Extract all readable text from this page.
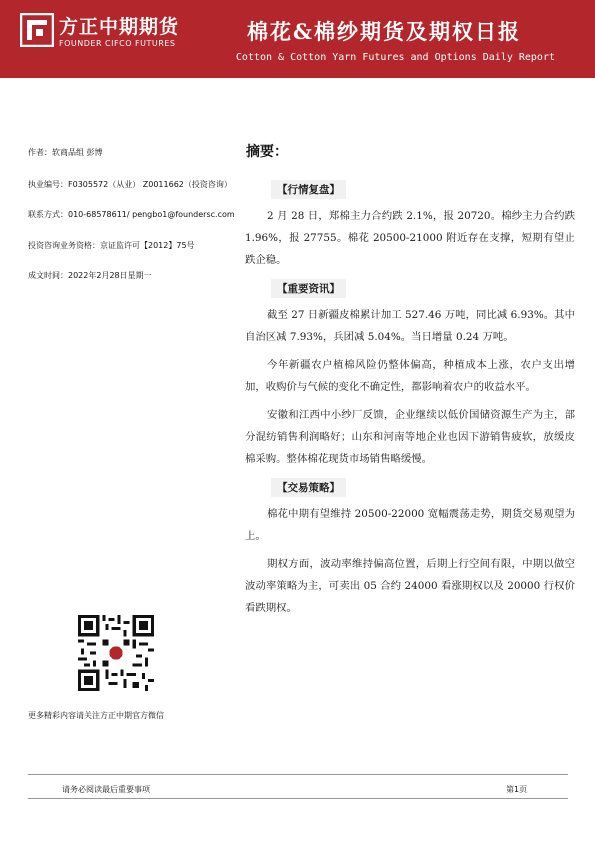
方正中期期货
FOUNDER CIFCO FUTURES	棉花&棉纱期货及期权日报
Cotton & Cotton Yarn Futures and Options Daily Report
作者：软商品组 彭博
执业编号：F0305572（从业） Z0011662（投资咨询）
联系方式：010-68578611/ pengbo1@foundersc.com
投资咨询业务资格：京证监许可【2012】75号
成文时间：2022年2月28日星期一
摘要：
【行情复盘】

2 月 28 日，郑棉主力合约跌 2.1%，报 20720。棉纱主力合约跌 1.96%，报 27755。棉花 20500-21000 附近存在支撑，短期有望止跌企稳。

【重要资讯】

截至 27 日新疆皮棉累计加工 527.46 万吨，同比减 6.93%。其中自治区减 7.93%，兵团减 5.04%。当日增量 0.24 万吨。

今年新疆农户植棉风险仍整体偏高，种植成本上涨，农户支出增加，收购价与气候的变化不确定性，都影响着农户的收益水平。

安徽和江西中小纱厂反馈，企业继续以低价国储资源生产为主，部分混纺销售利润略好；山东和河南等地企业也因下游销售疲软，放缓皮棉采购。整体棉花现货市场销售略缓慢。

【交易策略】

棉花中期有望维持 20500-22000 宽幅震荡走势，期货交易观望为上。

期权方面，波动率维持偏高位置，后期上行空间有限，中期以做空波动率策略为主，可卖出 05 合约 24000 看涨期权以及 20000 行权价看跌期权。

更多精彩内容请关注方正中期官方微信
请务必阅读最后重要事项	第1页
